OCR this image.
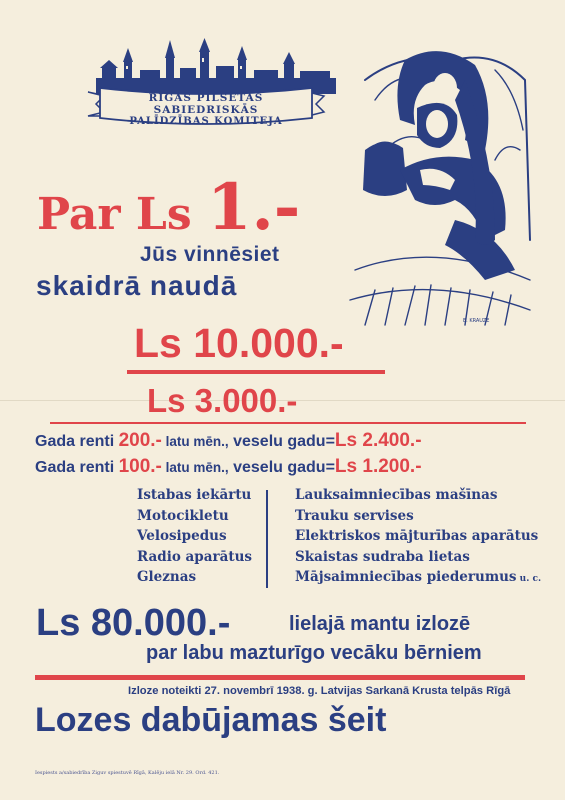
RĪGAS PILSĒTAS SABIEDRISKĀS
PALĪDZĪBAS KOMITEJA
E. KRAUZE
Par Ls 1.-
Jūs vinnēsiet
skaidrā naudā
Ls 10.000.-
Ls 3.000.-
Gada renti 200.- latu mēn., veselu gadu=Ls 2.400.-
Gada renti 100.- latu mēn., veselu gadu=Ls 1.200.-
Istabas iekārtu
Motocikletu
Velosipedus
Radio aparātus
Gleznas
Lauksaimniecības mašīnas
Trauku servises
Elektriskos mājturības aparātus
Skaistas sudraba lietas
Mājsaimniecības piederumus u. c.
Ls 80.000.-	lielajā mantu izlozē
par labu mazturīgo vecāku bērniem
Izloze noteikti 27. novembrī 1938. g. Latvijas Sarkanā Krusta telpās Rīgā
Lozes dabūjamas šeit
Iespiests a/sabiedrība Ziguv spiestuvē Rīgā, Kalēju ielā Nr. 29. Ord. 421.
